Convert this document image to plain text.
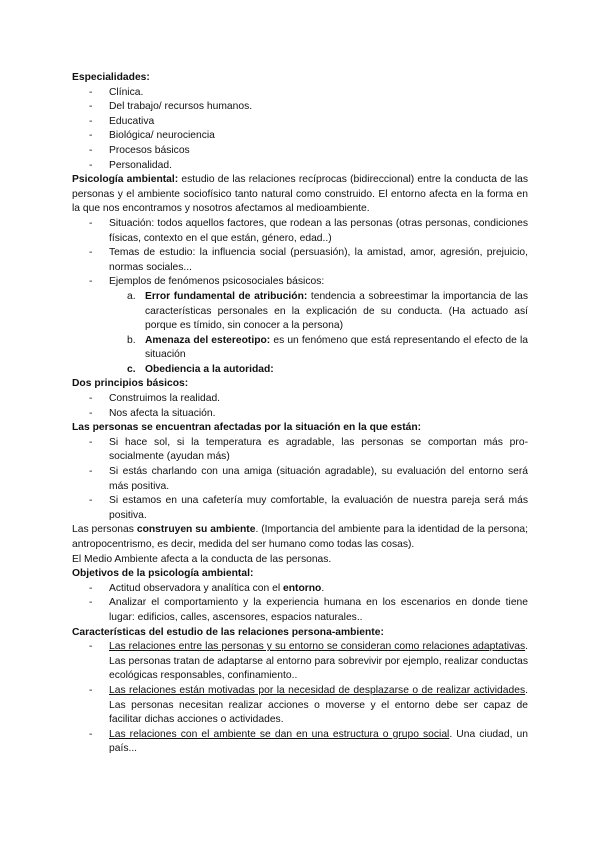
Especialidades:
- Clínica.
- Del trabajo/ recursos humanos.
- Educativa
- Biológica/ neurociencia
- Procesos básicos
- Personalidad.
Psicología ambiental: estudio de las relaciones recíprocas (bidireccional) entre la conducta de las personas y el ambiente sociofísico tanto natural como construido. El entorno afecta en la forma en la que nos encontramos y nosotros afectamos al medioambiente.
- Situación: todos aquellos factores, que rodean a las personas (otras personas, condiciones físicas, contexto en el que están, género, edad..)
- Temas de estudio: la influencia social (persuasión), la amistad, amor, agresión, prejuicio, normas sociales...
- Ejemplos de fenómenos psicosociales básicos:
a. Error fundamental de atribución: tendencia a sobreestimar la importancia de las características personales en la explicación de su conducta. (Ha actuado así porque es tímido, sin conocer a la persona)
b. Amenaza del estereotipo: es un fenómeno que está representando el efecto de la situación
c. Obediencia a la autoridad:
Dos principios básicos:
- Construimos la realidad.
- Nos afecta la situación.
Las personas se encuentran afectadas por la situación en la que están:
- Si hace sol, si la temperatura es agradable, las personas se comportan más pro-socialmente (ayudan más)
- Si estás charlando con una amiga (situación agradable), su evaluación del entorno será más positiva.
- Si estamos en una cafetería muy comfortable, la evaluación de nuestra pareja será más positiva.
Las personas construyen su ambiente. (Importancia del ambiente para la identidad de la persona; antropocentrismo, es decir, medida del ser humano como todas las cosas).
El Medio Ambiente afecta a la conducta de las personas.
Objetivos de la psicología ambiental:
- Actitud observadora y analítica con el entorno.
- Analizar el comportamiento y la experiencia humana en los escenarios en donde tiene lugar: edificios, calles, ascensores, espacios naturales..
Características del estudio de las relaciones persona-ambiente:
- Las relaciones entre las personas y su entorno se consideran como relaciones adaptativas. Las personas tratan de adaptarse al entorno para sobrevivir por ejemplo, realizar conductas ecológicas responsables, confinamiento..
- Las relaciones están motivadas por la necesidad de desplazarse o de realizar actividades. Las personas necesitan realizar acciones o moverse y el entorno debe ser capaz de facilitar dichas acciones o actividades.
- Las relaciones con el ambiente se dan en una estructura o grupo social. Una ciudad, un país...
